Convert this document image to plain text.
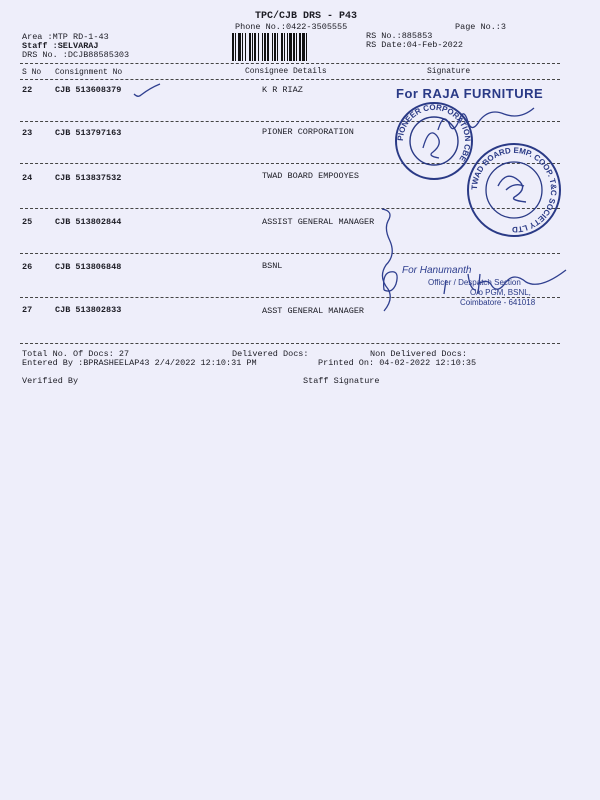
TPC/CJB DRS - P43
Phone No.:0422-3505555	Page No.:3
Area :MTP RD-1-43
Staff :SELVARAJ
DRS No. :DCJB88585303
RS No.:885853
RS Date:04-Feb-2022
S No Consignment No	Consignee Details	Signature
22	CJB 513608379	K R RIAZ
23	CJB 513797163	PIONER CORPORATION
24	CJB 513837532	TWAD BOARD EMPOOYES
25	CJB 513802844	ASSIST GENERAL MANAGER
26	CJB 513806848	BSNL
27	CJB 513802833	ASST GENERAL MANAGER
Total No. Of Docs: 27	Delivered Docs:	Non Delivered Docs:
Entered By :BPRASHEELAP43 2/4/2022 12:10:31 PM	Printed On: 04-02-2022 12:10:35
Verified By	Staff Signature
For RAJA FURNITURE
PIONEER CORPORATION CBE
TWAD BOARD EMP. COOP. T&C SOCIETY LTD
For Hanumanth
Officer / Despatch Section
O/o PGM, BSNL,
Coimbatore - 641018
